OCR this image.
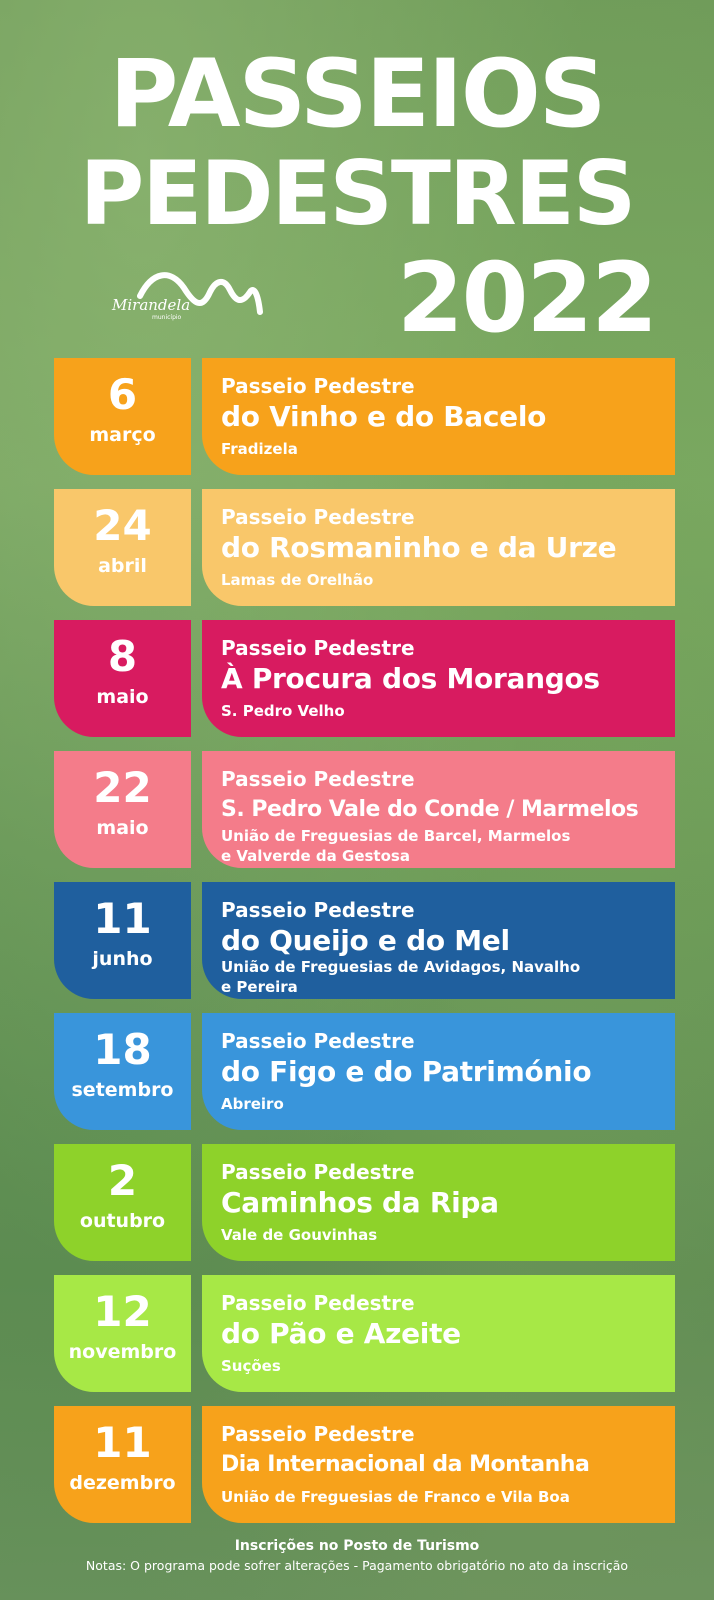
PASSEIOS
PEDESTRES
2022
Mirandela
município
6
março
Passeio Pedestre
do Vinho e do Bacelo
Fradizela
24
abril
Passeio Pedestre
do Rosmaninho e da Urze
Lamas de Orelhão
8
maio
Passeio Pedestre
À Procura dos Morangos
S. Pedro Velho
22
maio
Passeio Pedestre
S. Pedro Vale do Conde / Marmelos
União de Freguesias de Barcel, Marmelos
e Valverde da Gestosa
11
junho
Passeio Pedestre
do Queijo e do Mel
União de Freguesias de Avidagos, Navalho
e Pereira
18
setembro
Passeio Pedestre
do Figo e do Património
Abreiro
2
outubro
Passeio Pedestre
Caminhos da Ripa
Vale de Gouvinhas
12
novembro
Passeio Pedestre
do Pão e Azeite
Suções
11
dezembro
Passeio Pedestre
Dia Internacional da Montanha
União de Freguesias de Franco e Vila Boa
Inscrições no Posto de Turismo
Notas: O programa pode sofrer alterações - Pagamento obrigatório no ato da inscrição
